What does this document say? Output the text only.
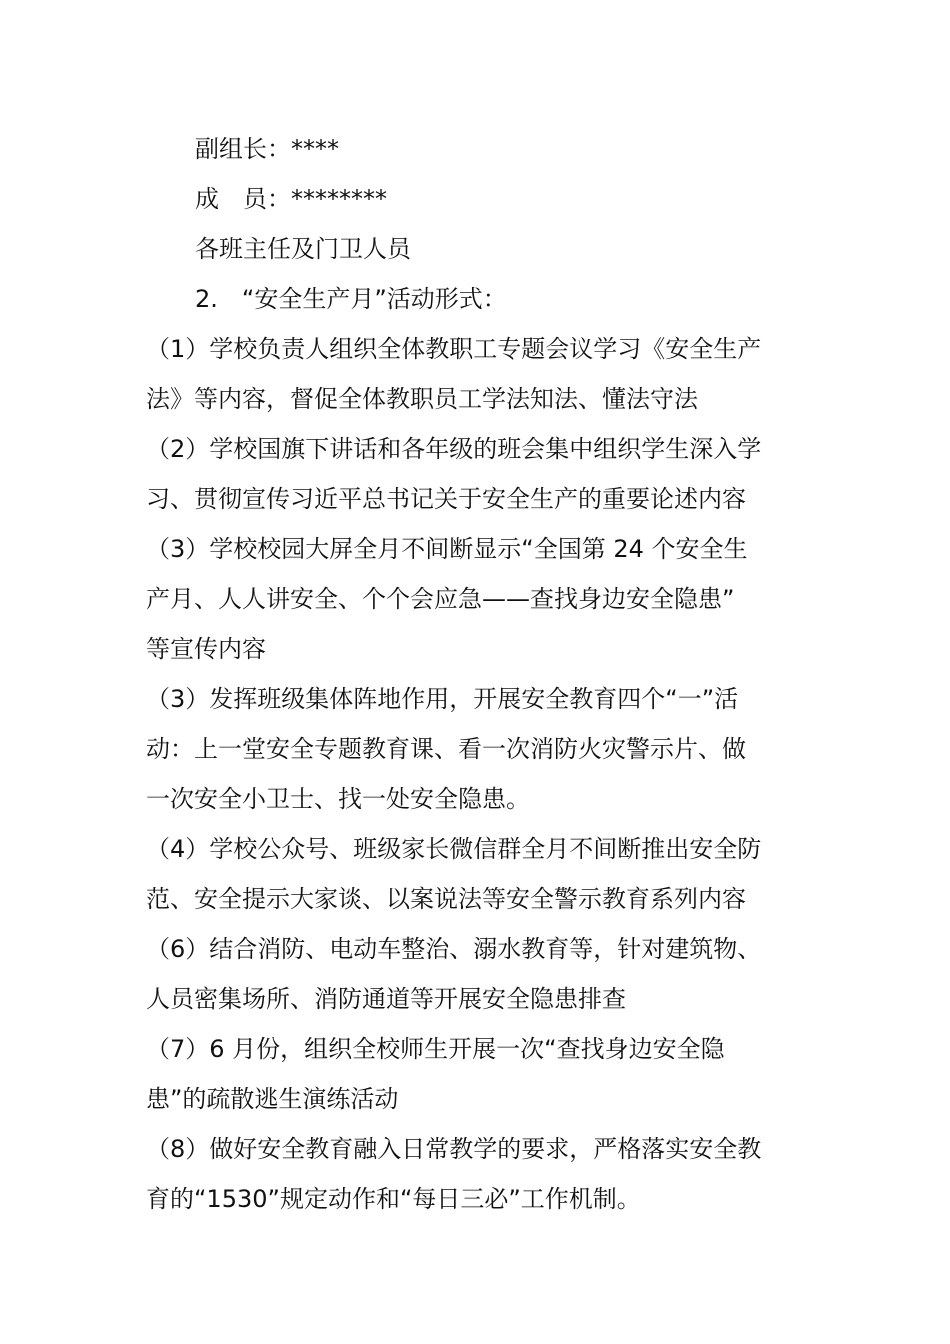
副组长：****
成　员：********
各班主任及门卫人员
2.　“安全生产月”活动形式：
（1）学校负责人组织全体教职工专题会议学习《安全生产
法》等内容，督促全体教职员工学法知法、懂法守法
（2）学校国旗下讲话和各年级的班会集中组织学生深入学
习、贯彻宣传习近平总书记关于安全生产的重要论述内容
（3）学校校园大屏全月不间断显示“全国第 24 个安全生
产月、人人讲安全、个个会应急——查找身边安全隐患”
等宣传内容
（3）发挥班级集体阵地作用，开展安全教育四个“一”活
动：上一堂安全专题教育课、看一次消防火灾警示片、做
一次安全小卫士、找一处安全隐患。
（4）学校公众号、班级家长微信群全月不间断推出安全防
范、安全提示大家谈、以案说法等安全警示教育系列内容
（6）结合消防、电动车整治、溺水教育等，针对建筑物、
人员密集场所、消防通道等开展安全隐患排查
（7）6 月份，组织全校师生开展一次“查找身边安全隐
患”的疏散逃生演练活动
（8）做好安全教育融入日常教学的要求，严格落实安全教
育的“1530”规定动作和“每日三必”工作机制。
